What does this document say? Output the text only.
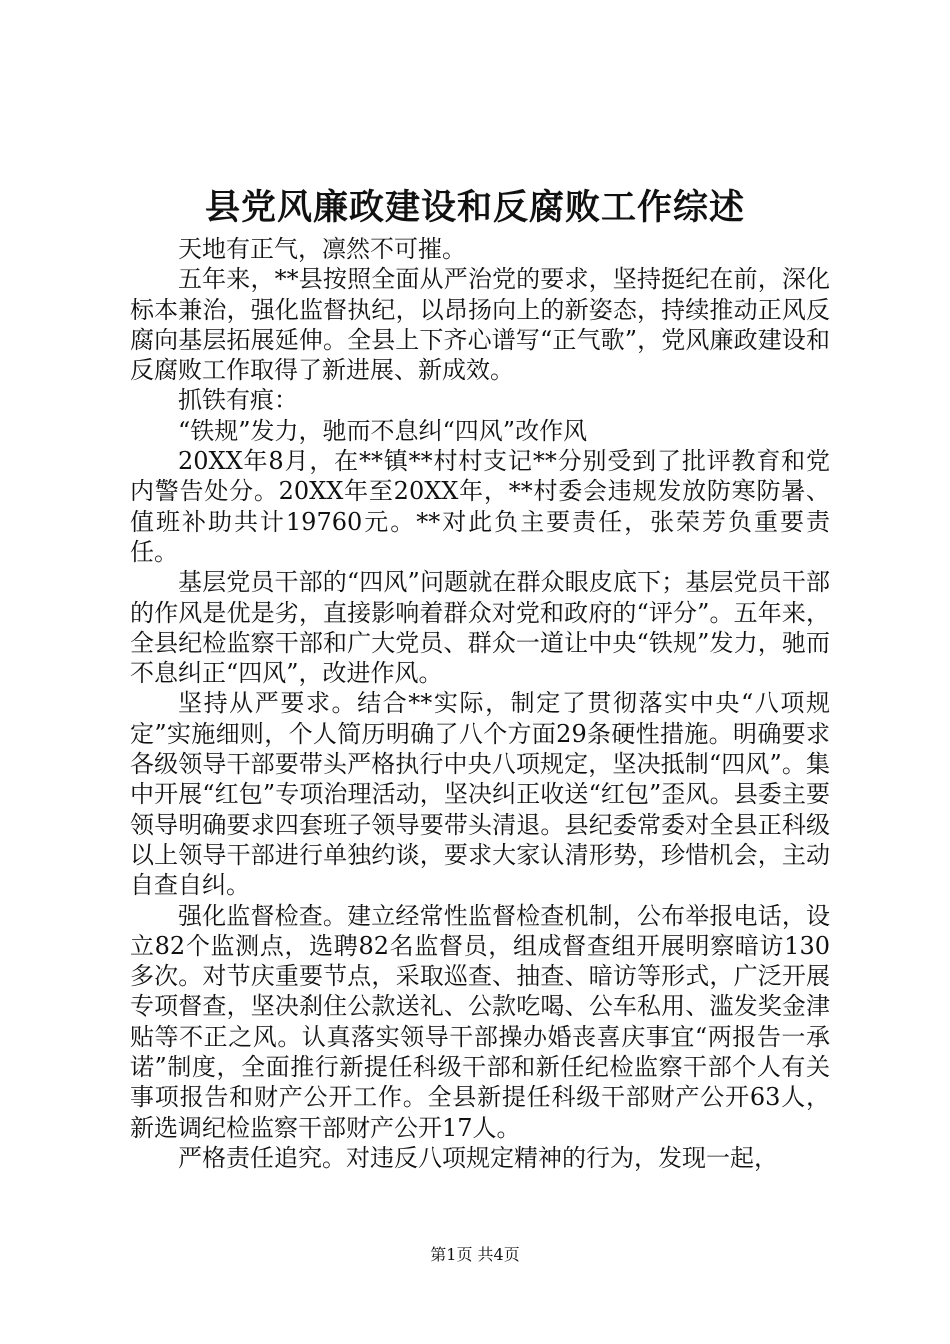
县党风廉政建设和反腐败工作综述

天地有正气，凛然不可摧。

五年来，**县按照全面从严治党的要求，坚持挺纪在前，深化标本兼治，强化监督执纪，以昂扬向上的新姿态，持续推动正风反腐向基层拓展延伸。全县上下齐心谱写“正气歌”，党风廉政建设和反腐败工作取得了新进展、新成效。

抓铁有痕：

“铁规”发力，驰而不息纠“四风”改作风

20XX年8月，在**镇**村村支记**分别受到了批评教育和党内警告处分。20XX年至20XX年，**村委会违规发放防寒防暑、值班补助共计19760元。**对此负主要责任，张荣芳负重要责任。

基层党员干部的“四风”问题就在群众眼皮底下；基层党员干部的作风是优是劣，直接影响着群众对党和政府的“评分”。五年来，全县纪检监察干部和广大党员、群众一道让中央“铁规”发力，驰而不息纠正“四风”，改进作风。

坚持从严要求。结合**实际，制定了贯彻落实中央“八项规定”实施细则，个人简历明确了八个方面29条硬性措施。明确要求各级领导干部要带头严格执行中央八项规定，坚决抵制“四风”。集中开展“红包”专项治理活动，坚决纠正收送“红包”歪风。县委主要领导明确要求四套班子领导要带头清退。县纪委常委对全县正科级以上领导干部进行单独约谈，要求大家认清形势，珍惜机会，主动自查自纠。

强化监督检查。建立经常性监督检查机制，公布举报电话，设立82个监测点，选聘82名监督员，组成督查组开展明察暗访130多次。对节庆重要节点，采取巡查、抽查、暗访等形式，广泛开展专项督查，坚决刹住公款送礼、公款吃喝、公车私用、滥发奖金津贴等不正之风。认真落实领导干部操办婚丧喜庆事宜“两报告一承诺”制度，全面推行新提任科级干部和新任纪检监察干部个人有关事项报告和财产公开工作。全县新提任科级干部财产公开63人，新选调纪检监察干部财产公开17人。

严格责任追究。对违反八项规定精神的行为，发现一起，

第1页 共4页
